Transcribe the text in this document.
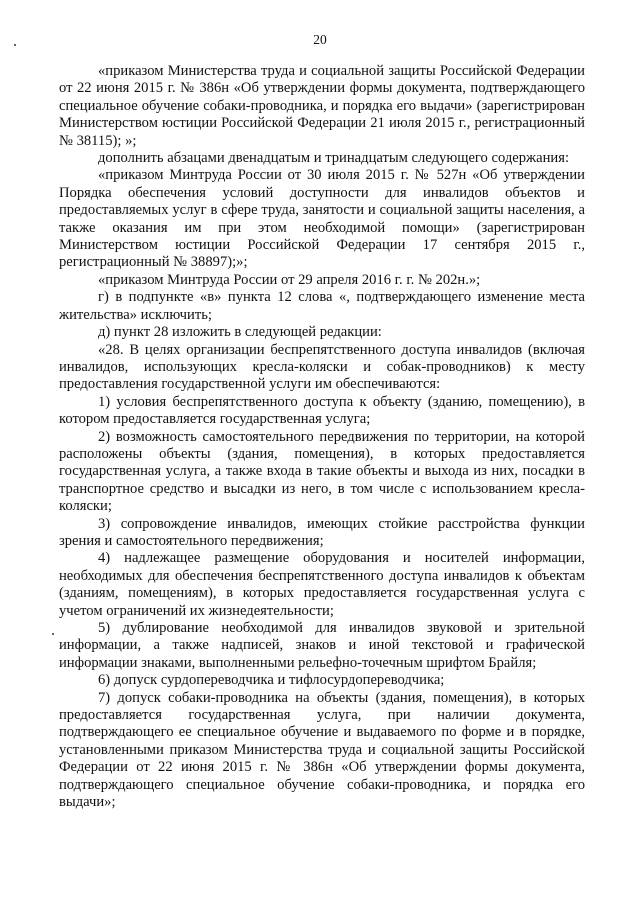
20

«приказом Министерства труда и социальной защиты Российской Федерации от 22 июня 2015 г. № 386н «Об утверждении формы документа, подтверждающего специальное обучение собаки-проводника, и порядка его выдачи» (зарегистрирован Министерством юстиции Российской Федерации 21 июля 2015 г., регистрационный № 38115); »;

дополнить абзацами двенадцатым и тринадцатым следующего содержания:

«приказом Минтруда России от 30 июля 2015 г. № 527н «Об утверждении Порядка обеспечения условий доступности для инвалидов объектов и предоставляемых услуг в сфере труда, занятости и социальной защиты населения, а также оказания им при этом необходимой помощи» (зарегистрирован Министерством юстиции Российской Федерации 17 сентября 2015 г., регистрационный № 38897);»;

«приказом Минтруда России от 29 апреля 2016 г. г. № 202н.»;

г) в подпункте «в» пункта 12 слова «, подтверждающего изменение места жительства» исключить;

д) пункт 28 изложить в следующей редакции:

«28. В целях организации беспрепятственного доступа инвалидов (включая инвалидов, использующих кресла-коляски и собак-проводников) к месту предоставления государственной услуги им обеспечиваются:

1) условия беспрепятственного доступа к объекту (зданию, помещению), в котором предоставляется государственная услуга;

2) возможность самостоятельного передвижения по территории, на которой расположены объекты (здания, помещения), в которых предоставляется государственная услуга, а также входа в такие объекты и выхода из них, посадки в транспортное средство и высадки из него, в том числе с использованием кресла-коляски;

3) сопровождение инвалидов, имеющих стойкие расстройства функции зрения и самостоятельного передвижения;

4) надлежащее размещение оборудования и носителей информации, необходимых для обеспечения беспрепятственного доступа инвалидов к объектам (зданиям, помещениям), в которых предоставляется государственная услуга с учетом ограничений их жизнедеятельности;

5) дублирование необходимой для инвалидов звуковой и зрительной информации, а также надписей, знаков и иной текстовой и графической информации знаками, выполненными рельефно-точечным шрифтом Брайля;

6) допуск сурдопереводчика и тифлосурдопереводчика;

7) допуск собаки-проводника на объекты (здания, помещения), в которых предоставляется государственная услуга, при наличии документа, подтверждающего ее специальное обучение и выдаваемого по форме и в порядке, установленными приказом Министерства труда и социальной защиты Российской Федерации от 22 июня 2015 г. № 386н «Об утверждении формы документа, подтверждающего специальное обучение собаки-проводника, и порядка его выдачи»;
